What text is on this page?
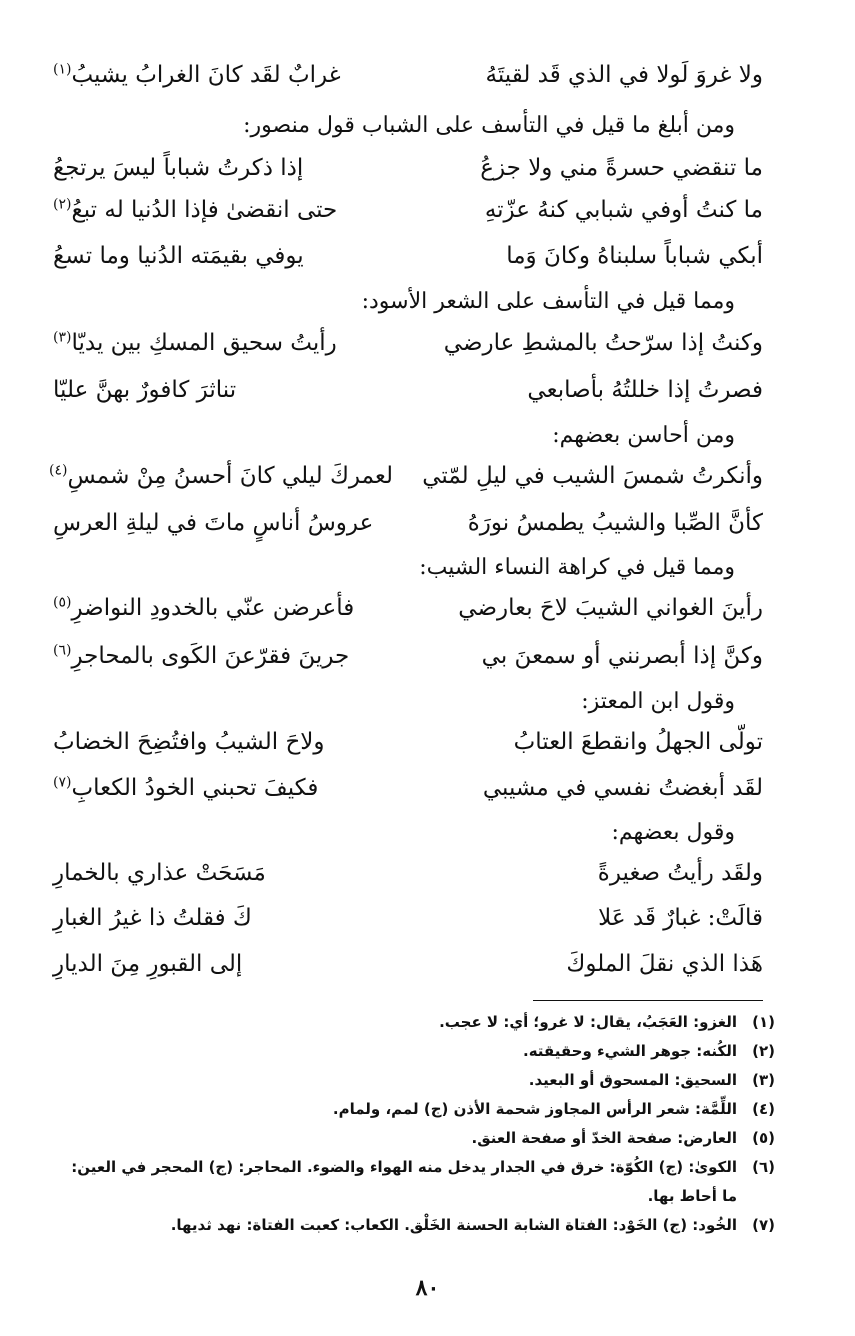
ولا غروَ لَولا في الذي قَد لقيتَهُ
غرابٌ لقَد كانَ الغرابُ يشيبُ$^{(١)}$
ومن أبلغ ما قيل في التأسف على الشباب قول منصور:
ما تنقضي حسرةً مني ولا جزعُ
إذا ذكرتُ شباباً ليسَ يرتجعُ
ما كنتُ أوفي شبابي كنهُ عزّتهِ
حتى انقضىٰ فإذا الدُنيا له تبعُ$^{(٢)}$
أبكي شباباً سلبناهُ وكانَ وَما
يوفي بقيمَته الدُنيا وما تسعُ
ومما قيل في التأسف على الشعر الأسود:
وكنتُ إذا سرّحتُ بالمشطِ عارضي
رأيتُ سحيق المسكِ بين يديّا$^{(٣)}$
فصرتُ إذا خللتُهُ بأصابعي
تناثرَ كافورٌ بهنَّ عليّا
ومن أحاسن بعضهم:
وأنكرتُ شمسَ الشيب في ليلِ لمّتي
لعمركَ ليلي كانَ أحسنُ مِنْ شمسِ$^{(٤)}$
كأنَّ الصِّبا والشيبُ يطمسُ نورَهُ
عروسُ أناسٍ ماتَ في ليلةِ العرسِ
ومما قيل في كراهة النساء الشيب:
رأينَ الغواني الشيبَ لاحَ بعارضي
فأعرضن عنّي بالخدودِ النواضرِ$^{(٥)}$
وكنَّ إذا أبصرنني أو سمعنَ بي
جرينَ فقرّعنَ الكَوى بالمحاجرِ$^{(٦)}$
وقول ابن المعتز:
تولّى الجهلُ وانقطعَ العتابُ
ولاحَ الشيبُ وافتُضِحَ الخضابُ
لقَد أبغضتُ نفسي في مشيبي
فكيفَ تحبني الخودُ الكعابِ$^{(٧)}$
وقول بعضهم:
ولقَد رأيتُ صغيرةً
مَسَحَتْ عذاري بالخمارِ
قالَتْ: غبارٌ قَد عَلا
كَ فقلتُ ذا غيرُ الغبارِ
هَذا الذي نقلَ الملوكَ
إلى القبورِ مِنَ الديارِ
(١)
الغزو: العَجَبُ، يقال: لا غرو؛ أي: لا عجب.
(٢)
الكُنه: جوهر الشيء وحقيقته.
(٣)
السحيق: المسحوق أو البعيد.
(٤)
اللِّمَّة: شعر الرأس المجاوز شحمة الأذن (ج) لمم، ولمام.
(٥)
العارض: صفحة الخدّ أو صفحة العنق.
(٦)
الكوىٰ: (ج) الكُوّة: خرق في الجدار يدخل منه الهواء والضوء. المحاجر: (ج) المحجر في العين: ما أحاط بها.
(٧)
الخُود: (ج) الخَوْد: الفتاة الشابة الحسنة الخَلْق. الكعاب: كعبت الفتاة: نهد ثديها.
٨٠
